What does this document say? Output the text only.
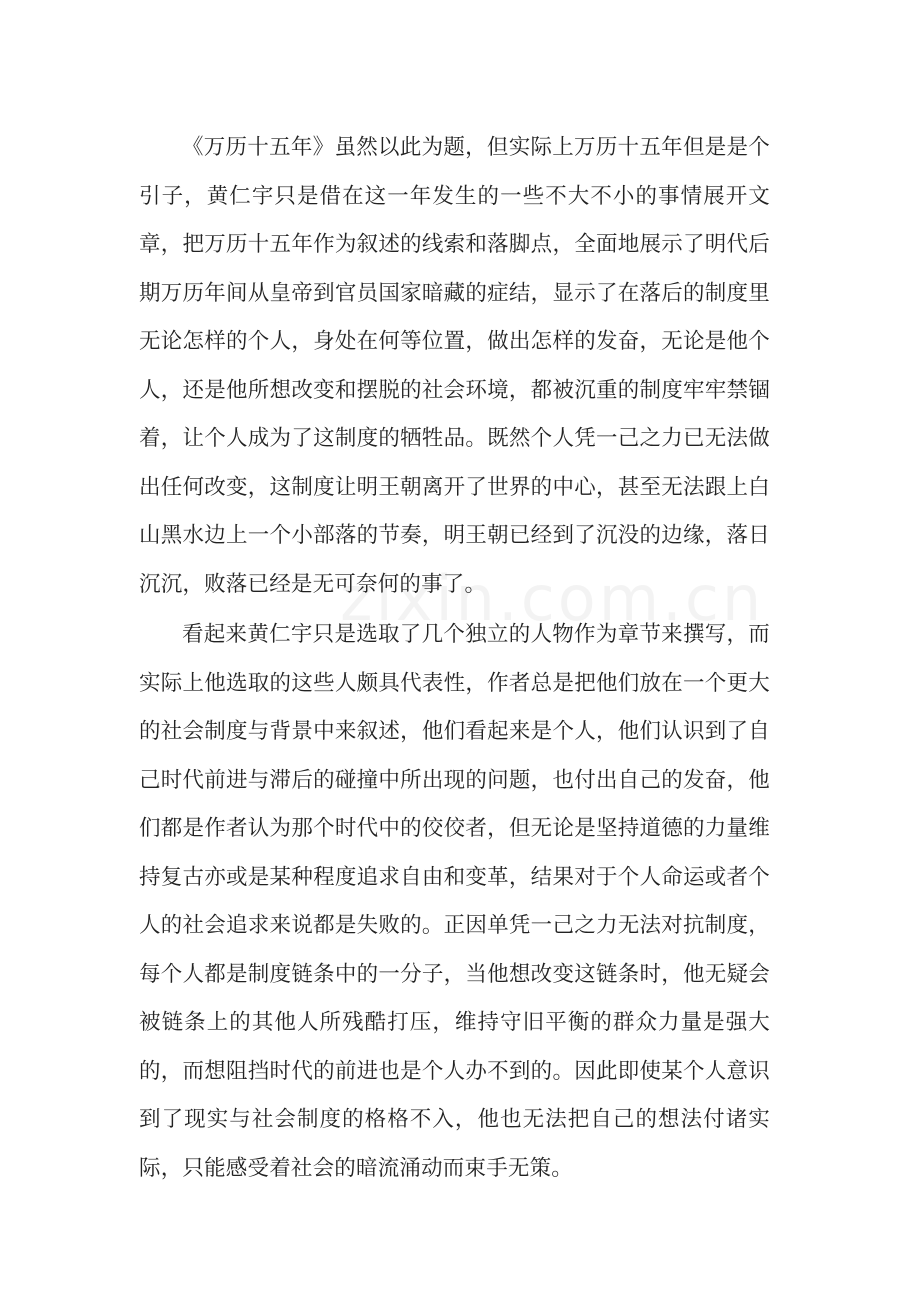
《万历十五年》虽然以此为题，但实际上万历十五年但是是个引子，黄仁宇只是借在这一年发生的一些不大不小的事情展开文章，把万历十五年作为叙述的线索和落脚点，全面地展示了明代后期万历年间从皇帝到官员国家暗藏的症结，显示了在落后的制度里无论怎样的个人，身处在何等位置，做出怎样的发奋，无论是他个人，还是他所想改变和摆脱的社会环境，都被沉重的制度牢牢禁锢着，让个人成为了这制度的牺牲品。既然个人凭一己之力已无法做出任何改变，这制度让明王朝离开了世界的中心，甚至无法跟上白山黑水边上一个小部落的节奏，明王朝已经到了沉没的边缘，落日沉沉，败落已经是无可奈何的事了。

看起来黄仁宇只是选取了几个独立的人物作为章节来撰写，而实际上他选取的这些人颇具代表性，作者总是把他们放在一个更大的社会制度与背景中来叙述，他们看起来是个人，他们认识到了自己时代前进与滞后的碰撞中所出现的问题，也付出自己的发奋，他们都是作者认为那个时代中的佼佼者，但无论是坚持道德的力量维持复古亦或是某种程度追求自由和变革，结果对于个人命运或者个人的社会追求来说都是失败的。正因单凭一己之力无法对抗制度，每个人都是制度链条中的一分子，当他想改变这链条时，他无疑会被链条上的其他人所残酷打压，维持守旧平衡的群众力量是强大的，而想阻挡时代的前进也是个人办不到的。因此即使某个人意识到了现实与社会制度的格格不入，他也无法把自己的想法付诸实际，只能感受着社会的暗流涌动而束手无策。
